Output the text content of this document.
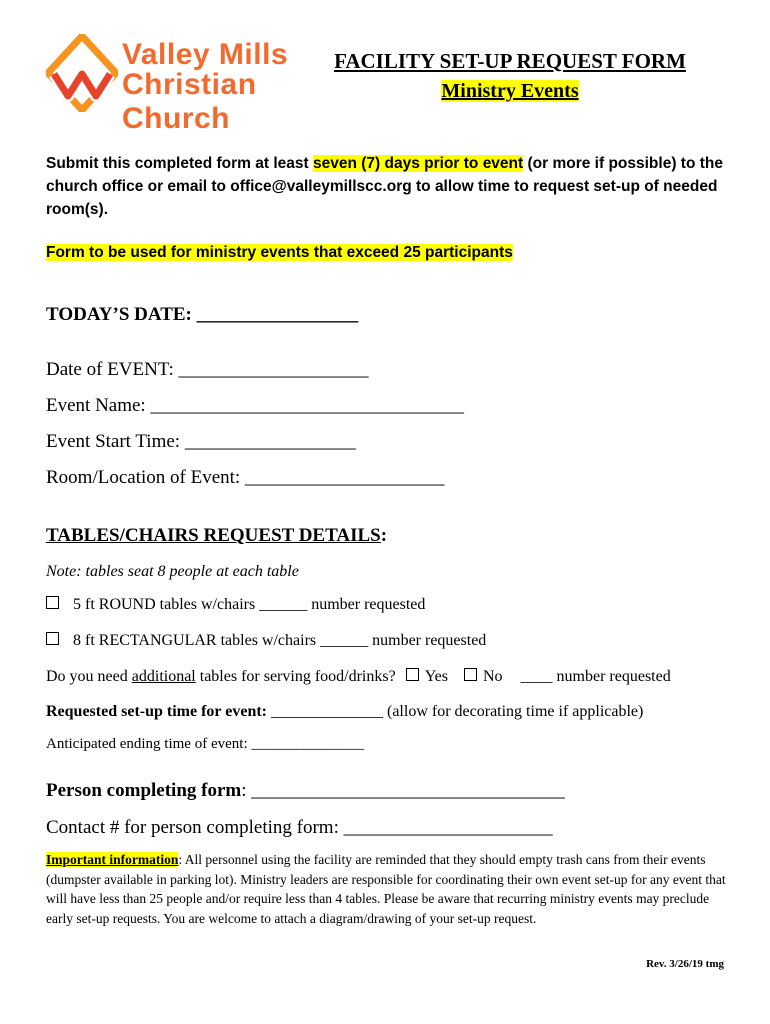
Valley Mills
Christian Church
FACILITY SET-UP REQUEST FORM
Ministry Events
Submit this completed form at least seven (7) days prior to event (or more if possible) to the church office or email to office@valleymillscc.org to allow time to request set-up of needed room(s).
Form to be used for ministry events that exceed 25 participants
TODAY’S DATE: _________________
Date of EVENT: ____________________
Event Name: _________________________________
Event Start Time: __________________
Room/Location of Event: _____________________
TABLES/CHAIRS REQUEST DETAILS:
Note: tables seat 8 people at each table
5 ft ROUND tables w/chairs ______ number requested
8 ft RECTANGULAR tables w/chairs ______ number requested
Do you need additional tables for serving food/drinks? Yes No ____ number requested
Requested set-up time for event: ______________ (allow for decorating time if applicable)
Anticipated ending time of event: _______________
Person completing form: _________________________________
Contact # for person completing form: ______________________
Important information: All personnel using the facility are reminded that they should empty trash cans from their events (dumpster available in parking lot). Ministry leaders are responsible for coordinating their own event set-up for any event that will have less than 25 people and/or require less than 4 tables. Please be aware that recurring ministry events may preclude early set-up requests. You are welcome to attach a diagram/drawing of your set-up request.
Rev. 3/26/19 tmg
